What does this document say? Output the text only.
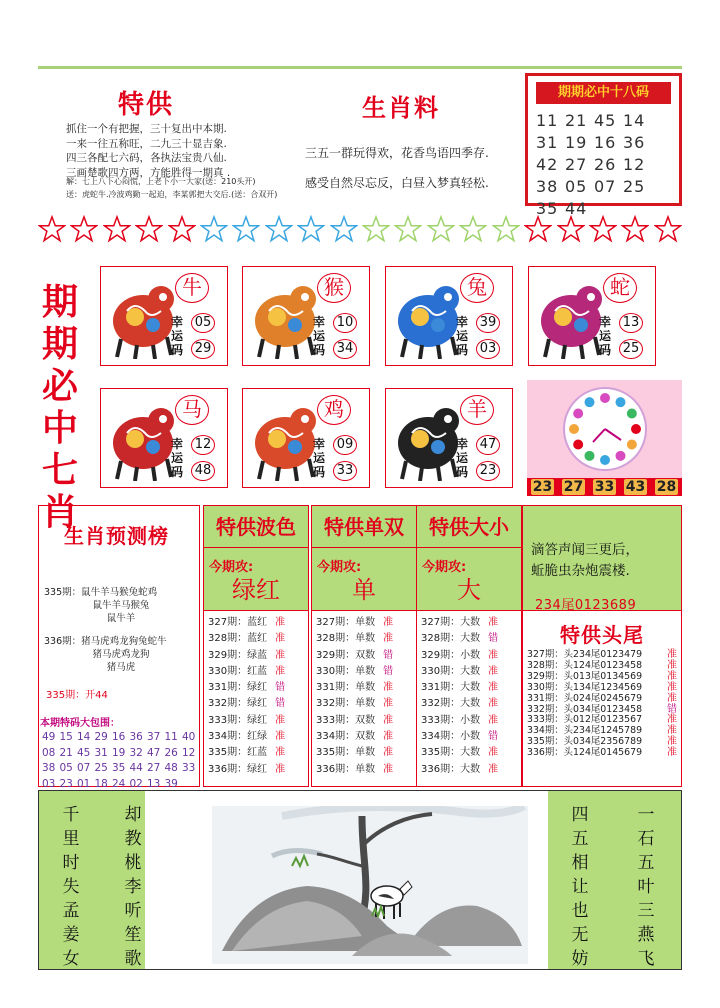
特供
抓住一个有把握，三十复出中本期.
一来一往五称旺，二九三十显吉象.
四三各配七六码，各执法宝贵八仙.
三画楚歌四方两，方能胜得一期真 .
解：七上八下心闷慌，上老下小一大家(送：210头开)
送：虎蛇牛.冷波鸡勤一起迫，李某郭把大交后.(送：合双开)
生肖料
三五一群玩得欢，花香鸟语四季存.
感受自然尽忘反，白昼入梦真轻松.
期期必中十八码
11 21 45 1431 19 16 3642 27 26 1238 05 07 2535 44
期
期
必
中
七
肖
牛
幸运码
05
29
猴
幸运码
10
34
兔
幸运码
39
03
蛇
幸运码
13
25
马
幸运码
12
48
鸡
幸运码
09
33
羊
幸运码
47
23
23 27 33 43 28
生肖预测榜
335期：鼠牛羊马猴兔蛇鸡
鼠牛羊马猴兔
鼠牛羊
336期：猪马虎鸡龙狗兔蛇牛
猪马虎鸡龙狗
猪马虎
335期：开44
本期特码大包围：
49 15 14 29 16 36 37 11 4008 21 45 31 19 32 47 26 1238 05 07 25 35 44 27 48 3303 23 01 18 24 02 13 39
特供波色
今期攻:
绿红
327期：蓝红 准
328期：蓝红 准
329期：绿蓝 准
330期：红蓝 准
331期：绿红 错
332期：绿红 错
333期：绿红 准
334期：红绿 准
335期：红蓝 准
336期：绿红 准
特供单双
今期攻:
单
327期：单数 准
328期：单数 准
329期：双数 错
330期：单数 错
331期：单数 准
332期：单数 准
333期：双数 准
334期：双数 准
335期：单数 准
336期：单数 准
特供大小
今期攻:
大
327期：大数 准
328期：大数 错
329期：小数 准
330期：大数 准
331期：大数 准
332期：大数 准
333期：小数 准
334期：小数 错
335期：大数 准
336期：大数 准
滴答声闻三更后，
蚯脆虫杂炮震楼.
234尾0123689
特供头尾
准
327期：头234尾0123479
准
328期：头124尾0123458
准
329期：头013尾0134569
准
330期：头134尾1234569
准
331期：头024尾0245679
错
332期：头034尾0123458
准
333期：头012尾0123567
准
334期：头234尾1245789
准
335期：头034尾2356789
准
336期：头124尾0145679
千
里
时
失
孟
姜
女
却
教
桃
李
听
笙
歌
四
五
相
让
也
无
妨
一
石
五
叶
三
燕
飞
